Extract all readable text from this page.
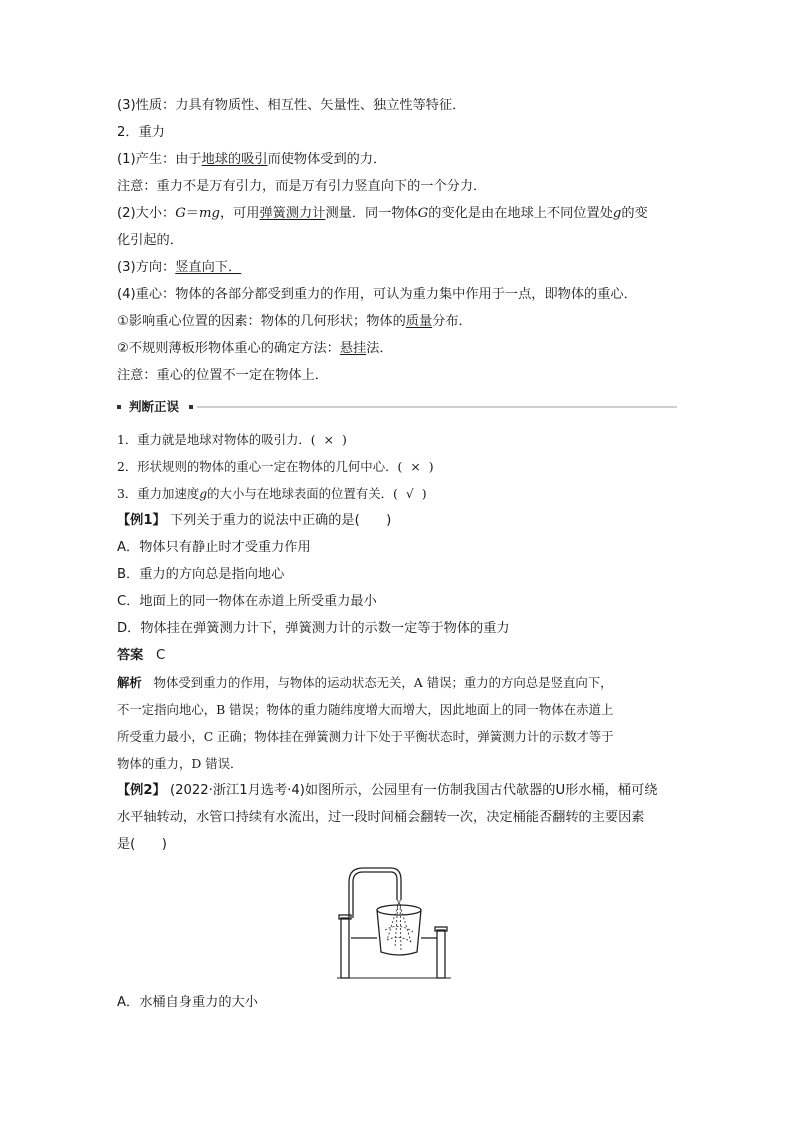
(3)性质：力具有物质性、相互性、矢量性、独立性等特征．
2．重力
(1)产生：由于地球的吸引而使物体受到的力．
注意：重力不是万有引力，而是万有引力竖直向下的一个分力．
(2)大小：G＝mg，可用弹簧测力计测量．同一物体G的变化是由在地球上不同位置处g的变
化引起的．
(3)方向：竖直向下．
(4)重心：物体的各部分都受到重力的作用，可认为重力集中作用于一点，即物体的重心．
①影响重心位置的因素：物体的几何形状；物体的质量分布．
②不规则薄板形物体重心的确定方法：悬挂法．
注意：重心的位置不一定在物体上．
判断正误
1．重力就是地球对物体的吸引力．( × )
2．形状规则的物体的重心一定在物体的几何中心．( × )
3．重力加速度g的大小与在地球表面的位置有关．( √ )
【例1】 下列关于重力的说法中正确的是(　　)
A．物体只有静止时才受重力作用
B．重力的方向总是指向地心
C．地面上的同一物体在赤道上所受重力最小
D．物体挂在弹簧测力计下，弹簧测力计的示数一定等于物体的重力
答案 C
解析 物体受到重力的作用，与物体的运动状态无关，A 错误；重力的方向总是竖直向下，
不一定指向地心，B 错误；物体的重力随纬度增大而增大，因此地面上的同一物体在赤道上
所受重力最小，C 正确；物体挂在弹簧测力计下处于平衡状态时，弹簧测力计的示数才等于
物体的重力，D 错误．
【例2】 (2022·浙江1月选考·4)如图所示，公园里有一仿制我国古代欹器的U形水桶，桶可绕
水平轴转动，水管口持续有水流出，过一段时间桶会翻转一次，决定桶能否翻转的主要因素
是(　　)
A．水桶自身重力的大小
